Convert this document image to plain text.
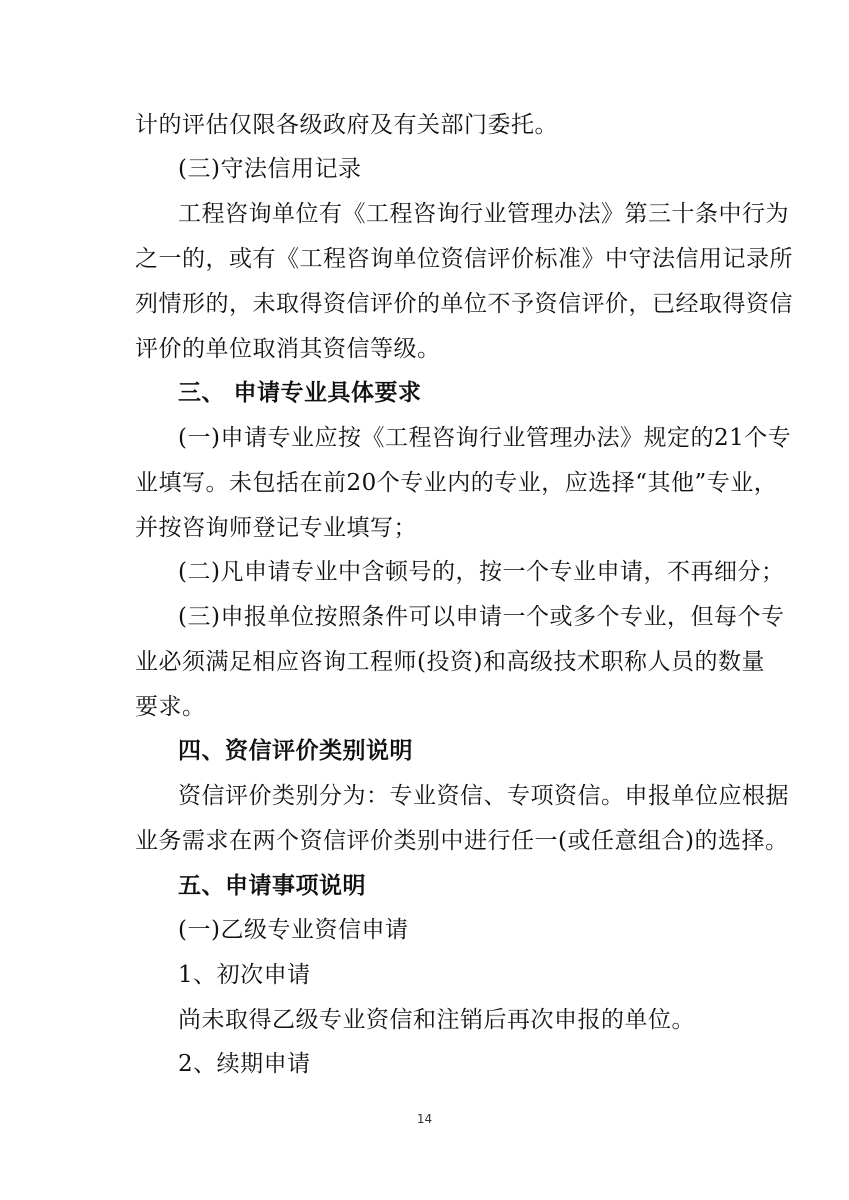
计的评估仅限各级政府及有关部门委托。
(三)守法信用记录
工程咨询单位有《工程咨询行业管理办法》第三十条中行为
之一的，或有《工程咨询单位资信评价标准》中守法信用记录所
列情形的，未取得资信评价的单位不予资信评价，已经取得资信
评价的单位取消其资信等级。
三、 申请专业具体要求
(一)申请专业应按《工程咨询行业管理办法》规定的21个专
业填写。未包括在前20个专业内的专业，应选择“其他”专业，
并按咨询师登记专业填写；
(二)凡申请专业中含顿号的，按一个专业申请，不再细分；
(三)申报单位按照条件可以申请一个或多个专业，但每个专
业必须满足相应咨询工程师(投资)和高级技术职称人员的数量
要求。
四、资信评价类别说明
资信评价类别分为：专业资信、专项资信。申报单位应根据
业务需求在两个资信评价类别中进行任一(或任意组合)的选择。
五、申请事项说明
(一)乙级专业资信申请
1、初次申请
尚未取得乙级专业资信和注销后再次申报的单位。
2、续期申请
14
